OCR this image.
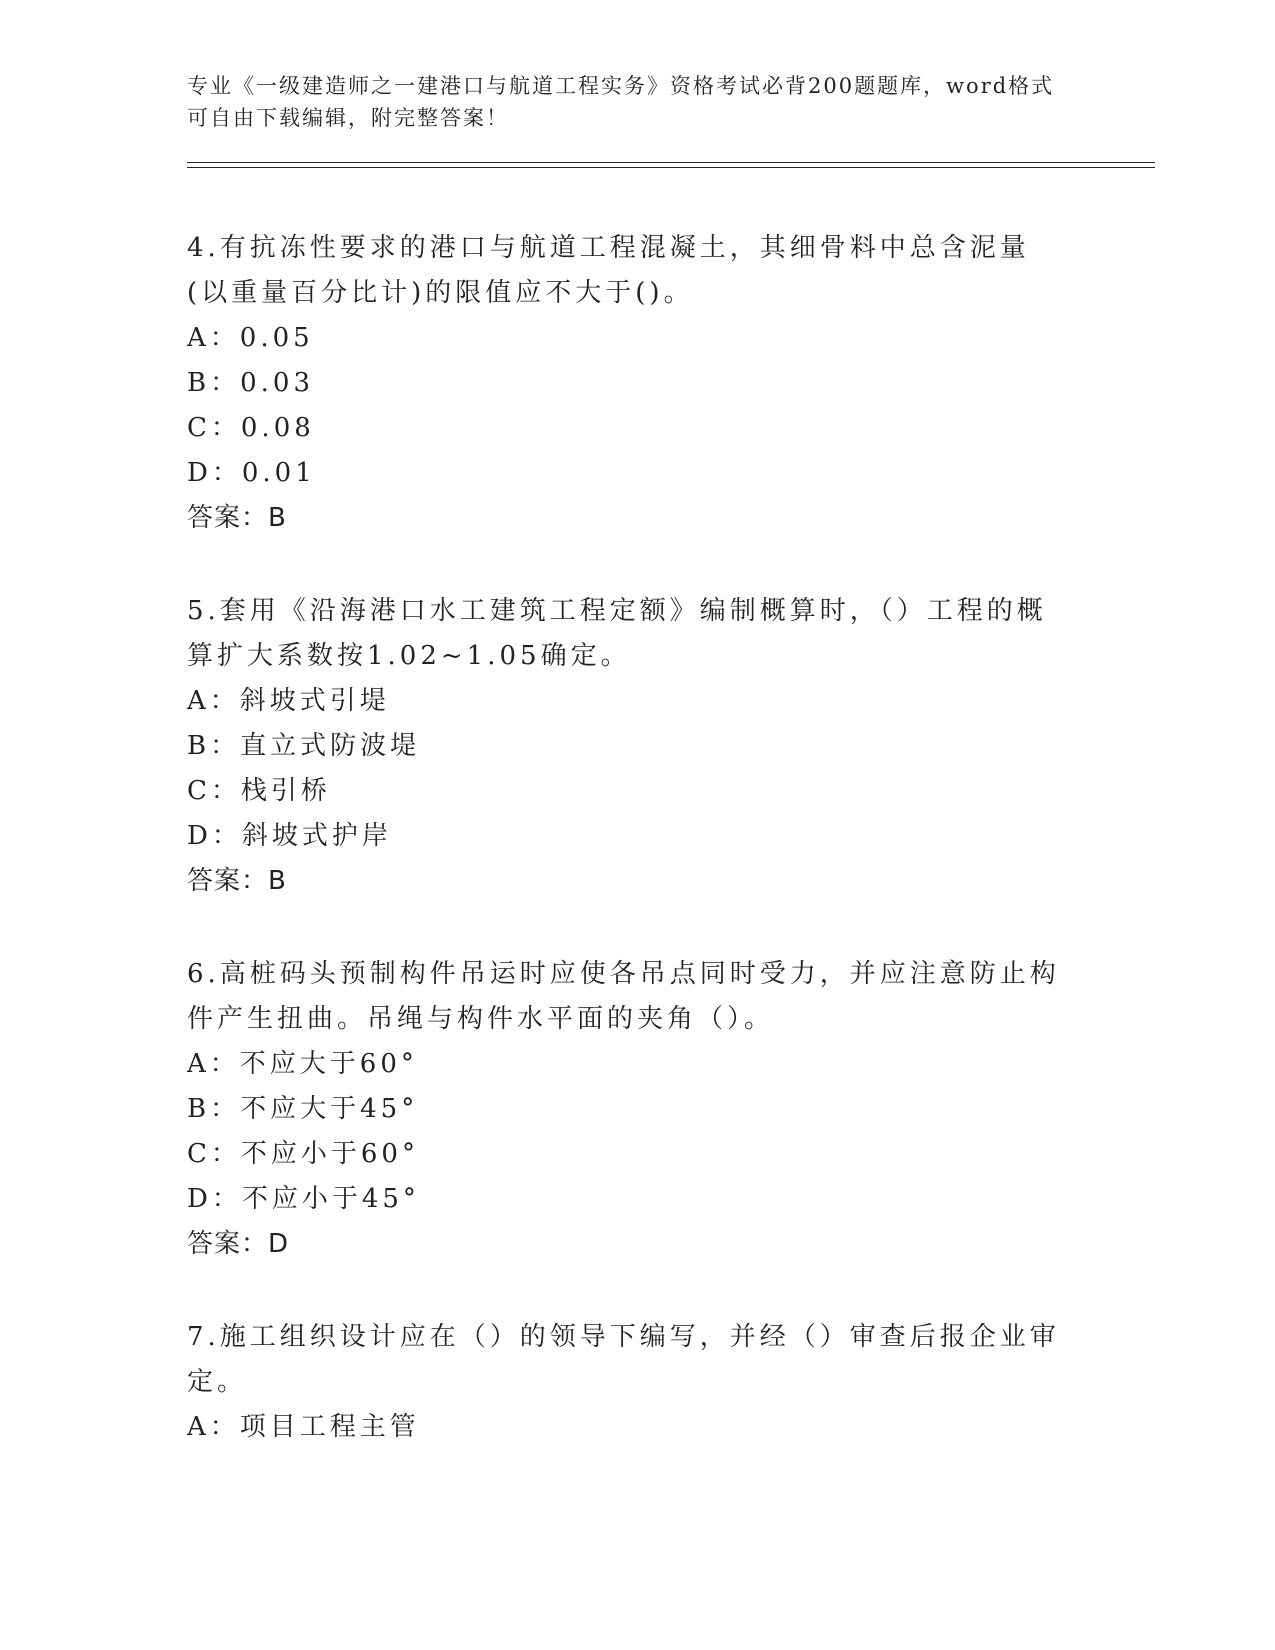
专业《一级建造师之一建港口与航道工程实务》资格考试必背200题题库，word格式可自由下载编辑，附完整答案！
4.有抗冻性要求的港口与航道工程混凝土，其细骨料中总含泥量(以重量百分比计)的限值应不大于()。
A：0.05
B：0.03
C：0.08
D：0.01
答案：B
5.套用《沿海港口水工建筑工程定额》编制概算时，（）工程的概算扩大系数按1.02~1.05确定。
A：斜坡式引堤
B：直立式防波堤
C：栈引桥
D：斜坡式护岸
答案：B
6.高桩码头预制构件吊运时应使各吊点同时受力，并应注意防止构件产生扭曲。吊绳与构件水平面的夹角（）。
A：不应大于60°
B：不应大于45°
C：不应小于60°
D：不应小于45°
答案：D
7.施工组织设计应在（）的领导下编写，并经（）审查后报企业审定。
A：项目工程主管
